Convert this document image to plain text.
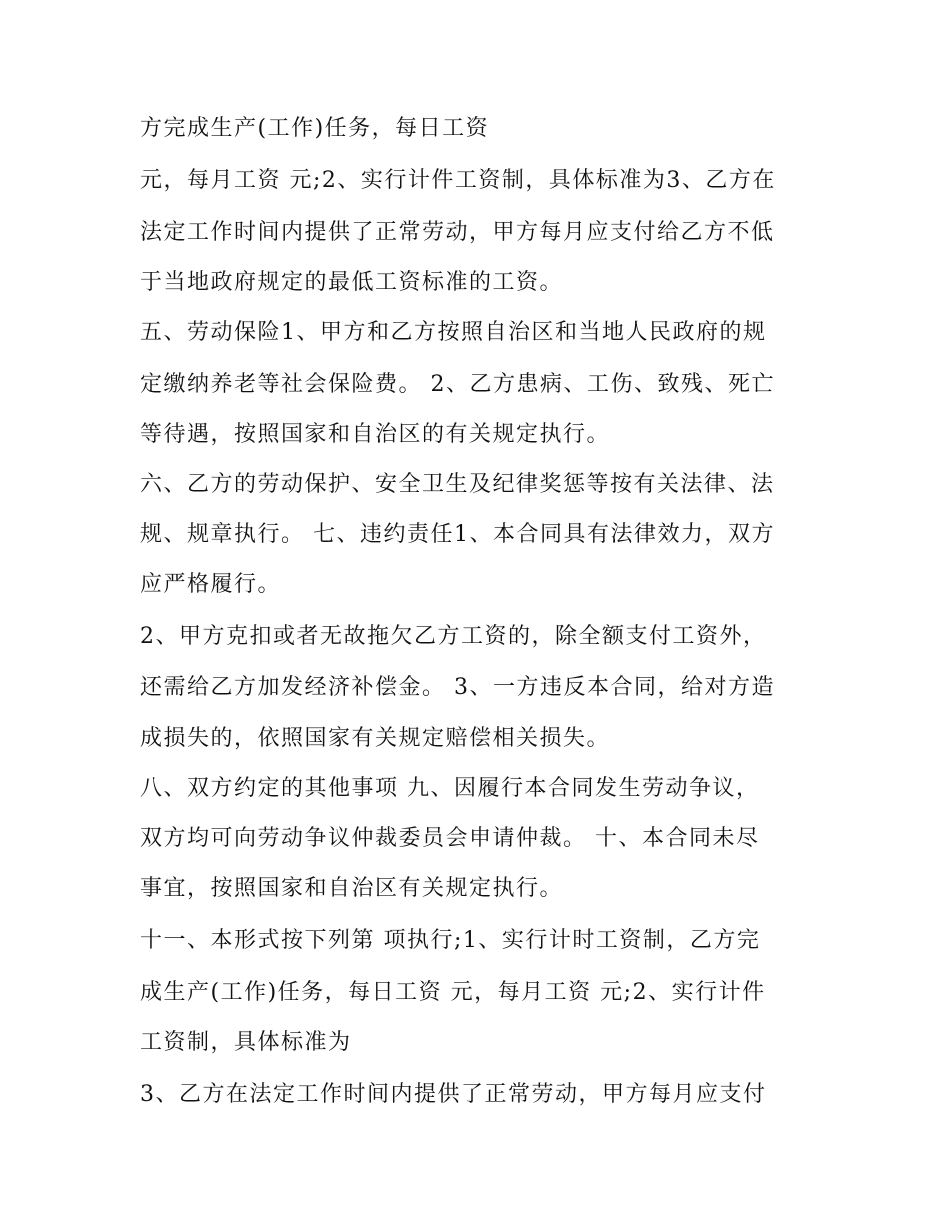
方完成生产(工作)任务，每日工资

元，每月工资 元;2、实行计件工资制，具体标准为3、乙方在

法定工作时间内提供了正常劳动，甲方每月应支付给乙方不低

于当地政府规定的最低工资标准的工资。

五、劳动保险1、甲方和乙方按照自治区和当地人民政府的规

定缴纳养老等社会保险费。 2、乙方患病、工伤、致残、死亡

等待遇，按照国家和自治区的有关规定执行。

六、乙方的劳动保护、安全卫生及纪律奖惩等按有关法律、法

规、规章执行。 七、违约责任1、本合同具有法律效力，双方

应严格履行。

2、甲方克扣或者无故拖欠乙方工资的，除全额支付工资外，

还需给乙方加发经济补偿金。 3、一方违反本合同，给对方造

成损失的，依照国家有关规定赔偿相关损失。

八、双方约定的其他事项 九、因履行本合同发生劳动争议，

双方均可向劳动争议仲裁委员会申请仲裁。 十、本合同未尽

事宜，按照国家和自治区有关规定执行。

十一、本形式按下列第 项执行;1、实行计时工资制，乙方完

成生产(工作)任务，每日工资 元，每月工资 元;2、实行计件

工资制，具体标准为

3、乙方在法定工作时间内提供了正常劳动，甲方每月应支付
